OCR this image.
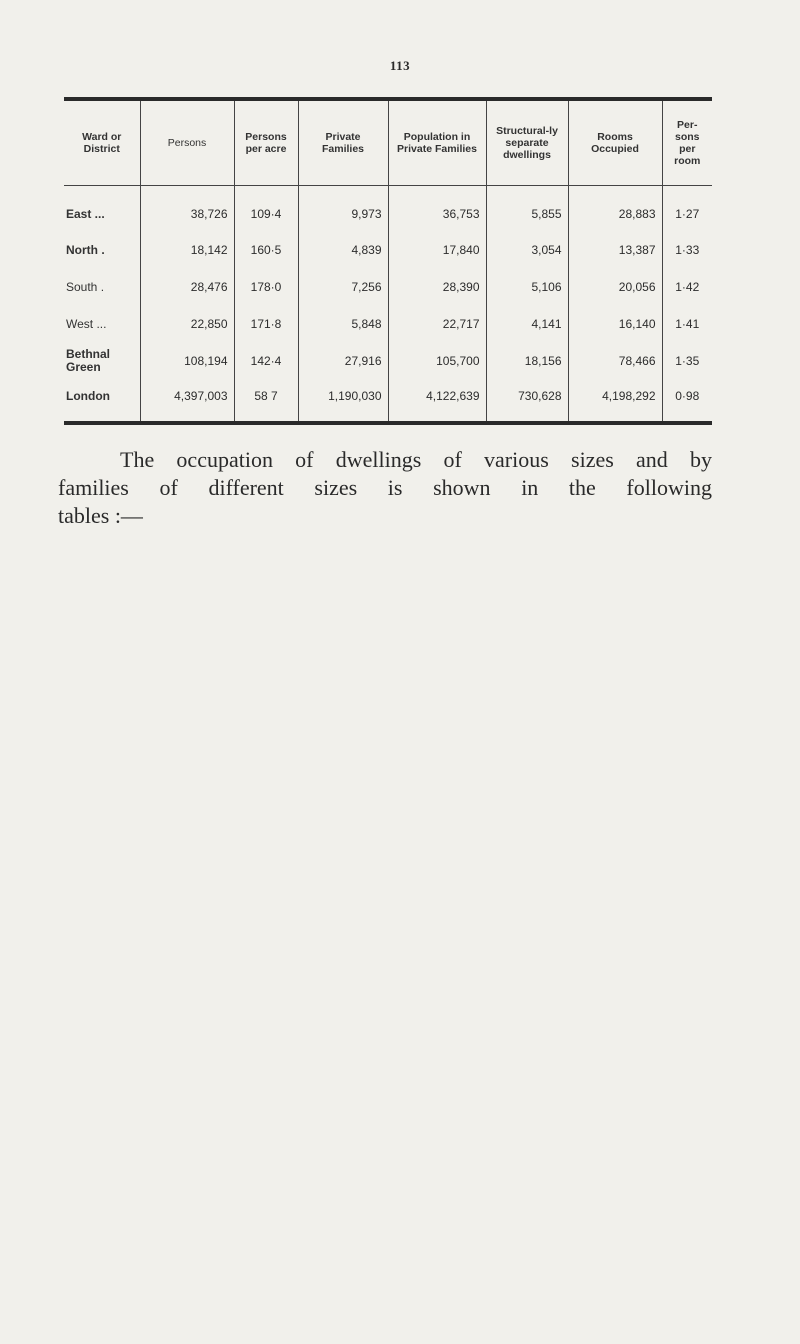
113
Ward or District	Persons	Persons per acre	Private Families	Population in Private Families	Structural-ly separate dwellings	Rooms Occupied	Per-sons per room
East ...	38,726	109·4	9,973	36,753	5,855	28,883	1·27
North .	18,142	160·5	4,839	17,840	3,054	13,387	1·33
South .	28,476	178·0	7,256	28,390	5,106	20,056	1·42
West ...	22,850	171·8	5,848	22,717	4,141	16,140	1·41
Bethnal Green	108,194	142·4	27,916	105,700	18,156	78,466	1·35
London	4,397,003	58 7	1,190,030	4,122,639	730,628	4,198,292	0·98
The occupation of dwellings of various sizes and by
families of different sizes is shown in the following
tables :—
